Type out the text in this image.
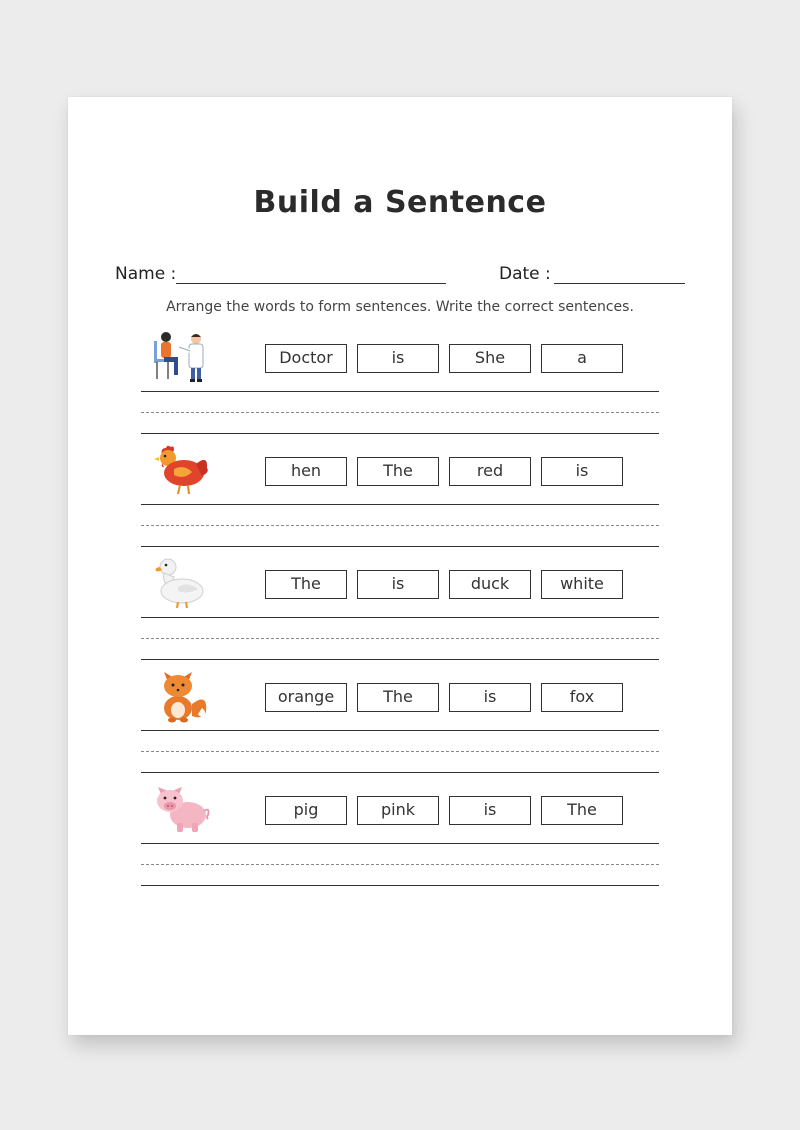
Build a Sentence
Name :	Date :
Arrange the words to form sentences. Write the correct sentences.
Doctor	is	She	a
hen	The	red	is
The	is	duck	white
orange	The	is	fox
pig	pink	is	The
